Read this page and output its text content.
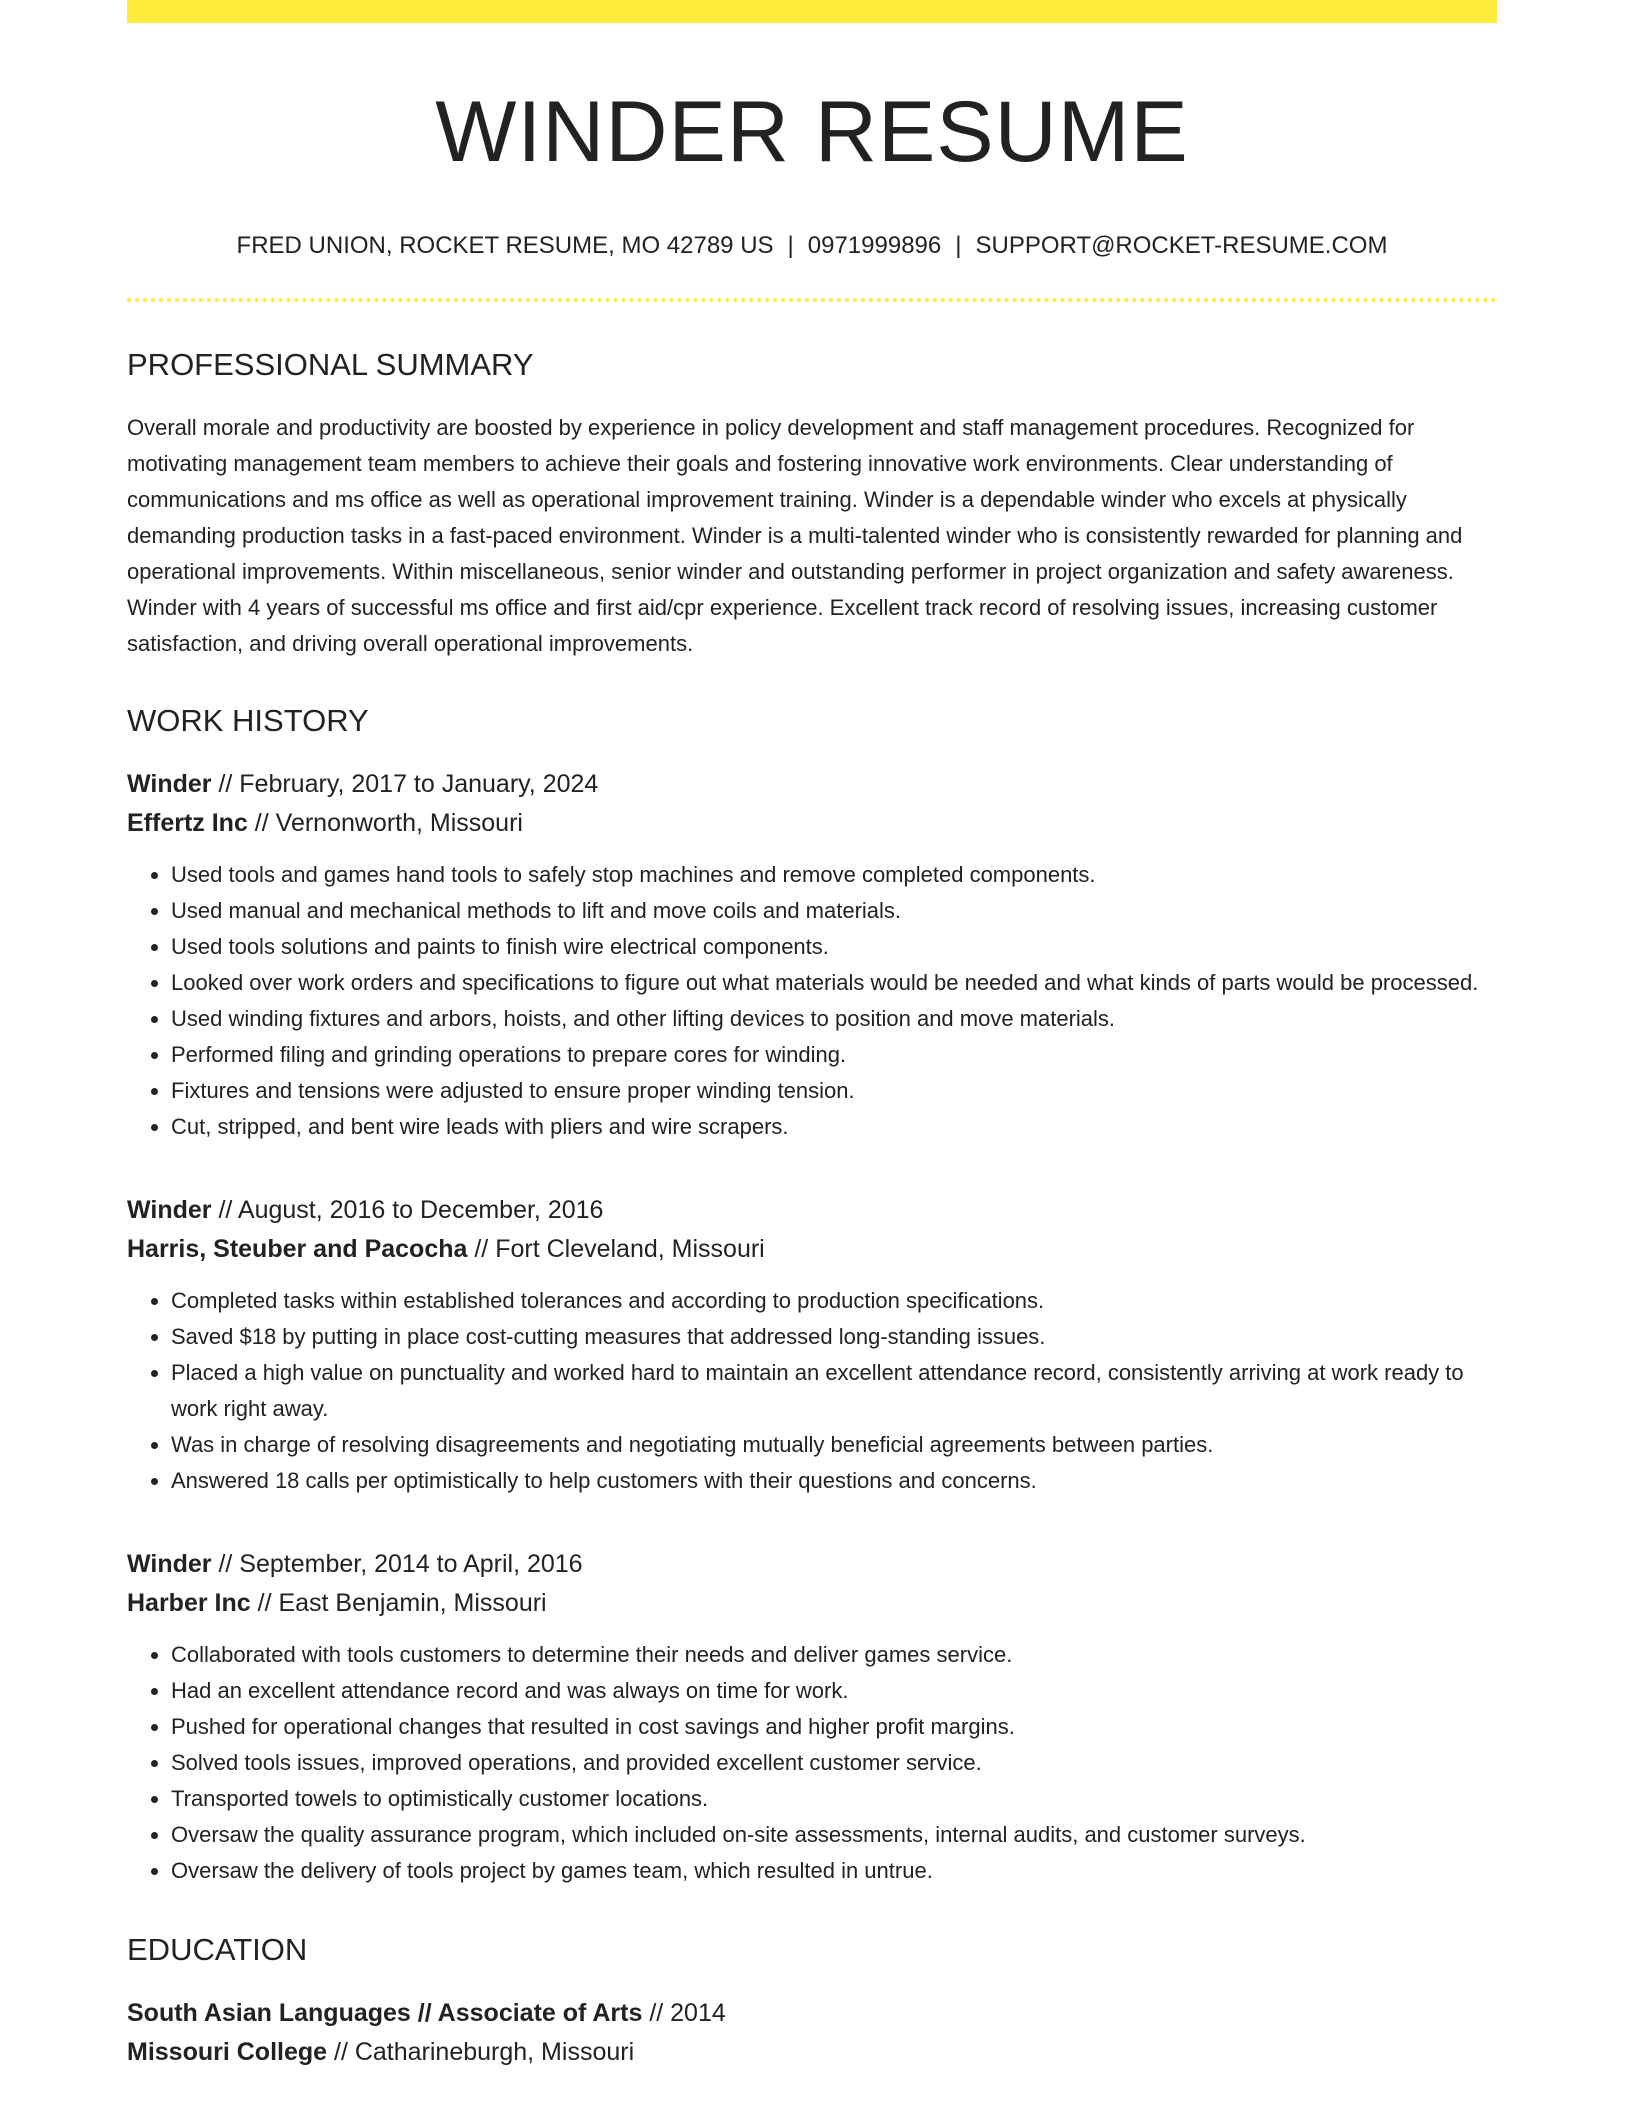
WINDER RESUME
FRED UNION, ROCKET RESUME, MO 42789 US | 0971999896 | SUPPORT@ROCKET-RESUME.COM
PROFESSIONAL SUMMARY

Overall morale and productivity are boosted by experience in policy development and staff management procedures. Recognized for motivating management team members to achieve their goals and fostering innovative work environments. Clear understanding of communications and ms office as well as operational improvement training. Winder is a dependable winder who excels at physically demanding production tasks in a fast-paced environment. Winder is a multi-talented winder who is consistently rewarded for planning and operational improvements. Within miscellaneous, senior winder and outstanding performer in project organization and safety awareness. Winder with 4 years of successful ms office and first aid/cpr experience. Excellent track record of resolving issues, increasing customer satisfaction, and driving overall operational improvements.

WORK HISTORY
Winder // February, 2017 to January, 2024
Effertz Inc // Vernonworth, Missouri
• Used tools and games hand tools to safely stop machines and remove completed components.
• Used manual and mechanical methods to lift and move coils and materials.
• Used tools solutions and paints to finish wire electrical components.
• Looked over work orders and specifications to figure out what materials would be needed and what kinds of parts would be processed.
• Used winding fixtures and arbors, hoists, and other lifting devices to position and move materials.
• Performed filing and grinding operations to prepare cores for winding.
• Fixtures and tensions were adjusted to ensure proper winding tension.
• Cut, stripped, and bent wire leads with pliers and wire scrapers.
Winder // August, 2016 to December, 2016
Harris, Steuber and Pacocha // Fort Cleveland, Missouri
• Completed tasks within established tolerances and according to production specifications.
• Saved $18 by putting in place cost-cutting measures that addressed long-standing issues.
• Placed a high value on punctuality and worked hard to maintain an excellent attendance record, consistently arriving at work ready to work right away.
• Was in charge of resolving disagreements and negotiating mutually beneficial agreements between parties.
• Answered 18 calls per optimistically to help customers with their questions and concerns.
Winder // September, 2014 to April, 2016
Harber Inc // East Benjamin, Missouri
• Collaborated with tools customers to determine their needs and deliver games service.
• Had an excellent attendance record and was always on time for work.
• Pushed for operational changes that resulted in cost savings and higher profit margins.
• Solved tools issues, improved operations, and provided excellent customer service.
• Transported towels to optimistically customer locations.
• Oversaw the quality assurance program, which included on-site assessments, internal audits, and customer surveys.
• Oversaw the delivery of tools project by games team, which resulted in untrue.
EDUCATION
South Asian Languages // Associate of Arts // 2014
Missouri College // Catharineburgh, Missouri
